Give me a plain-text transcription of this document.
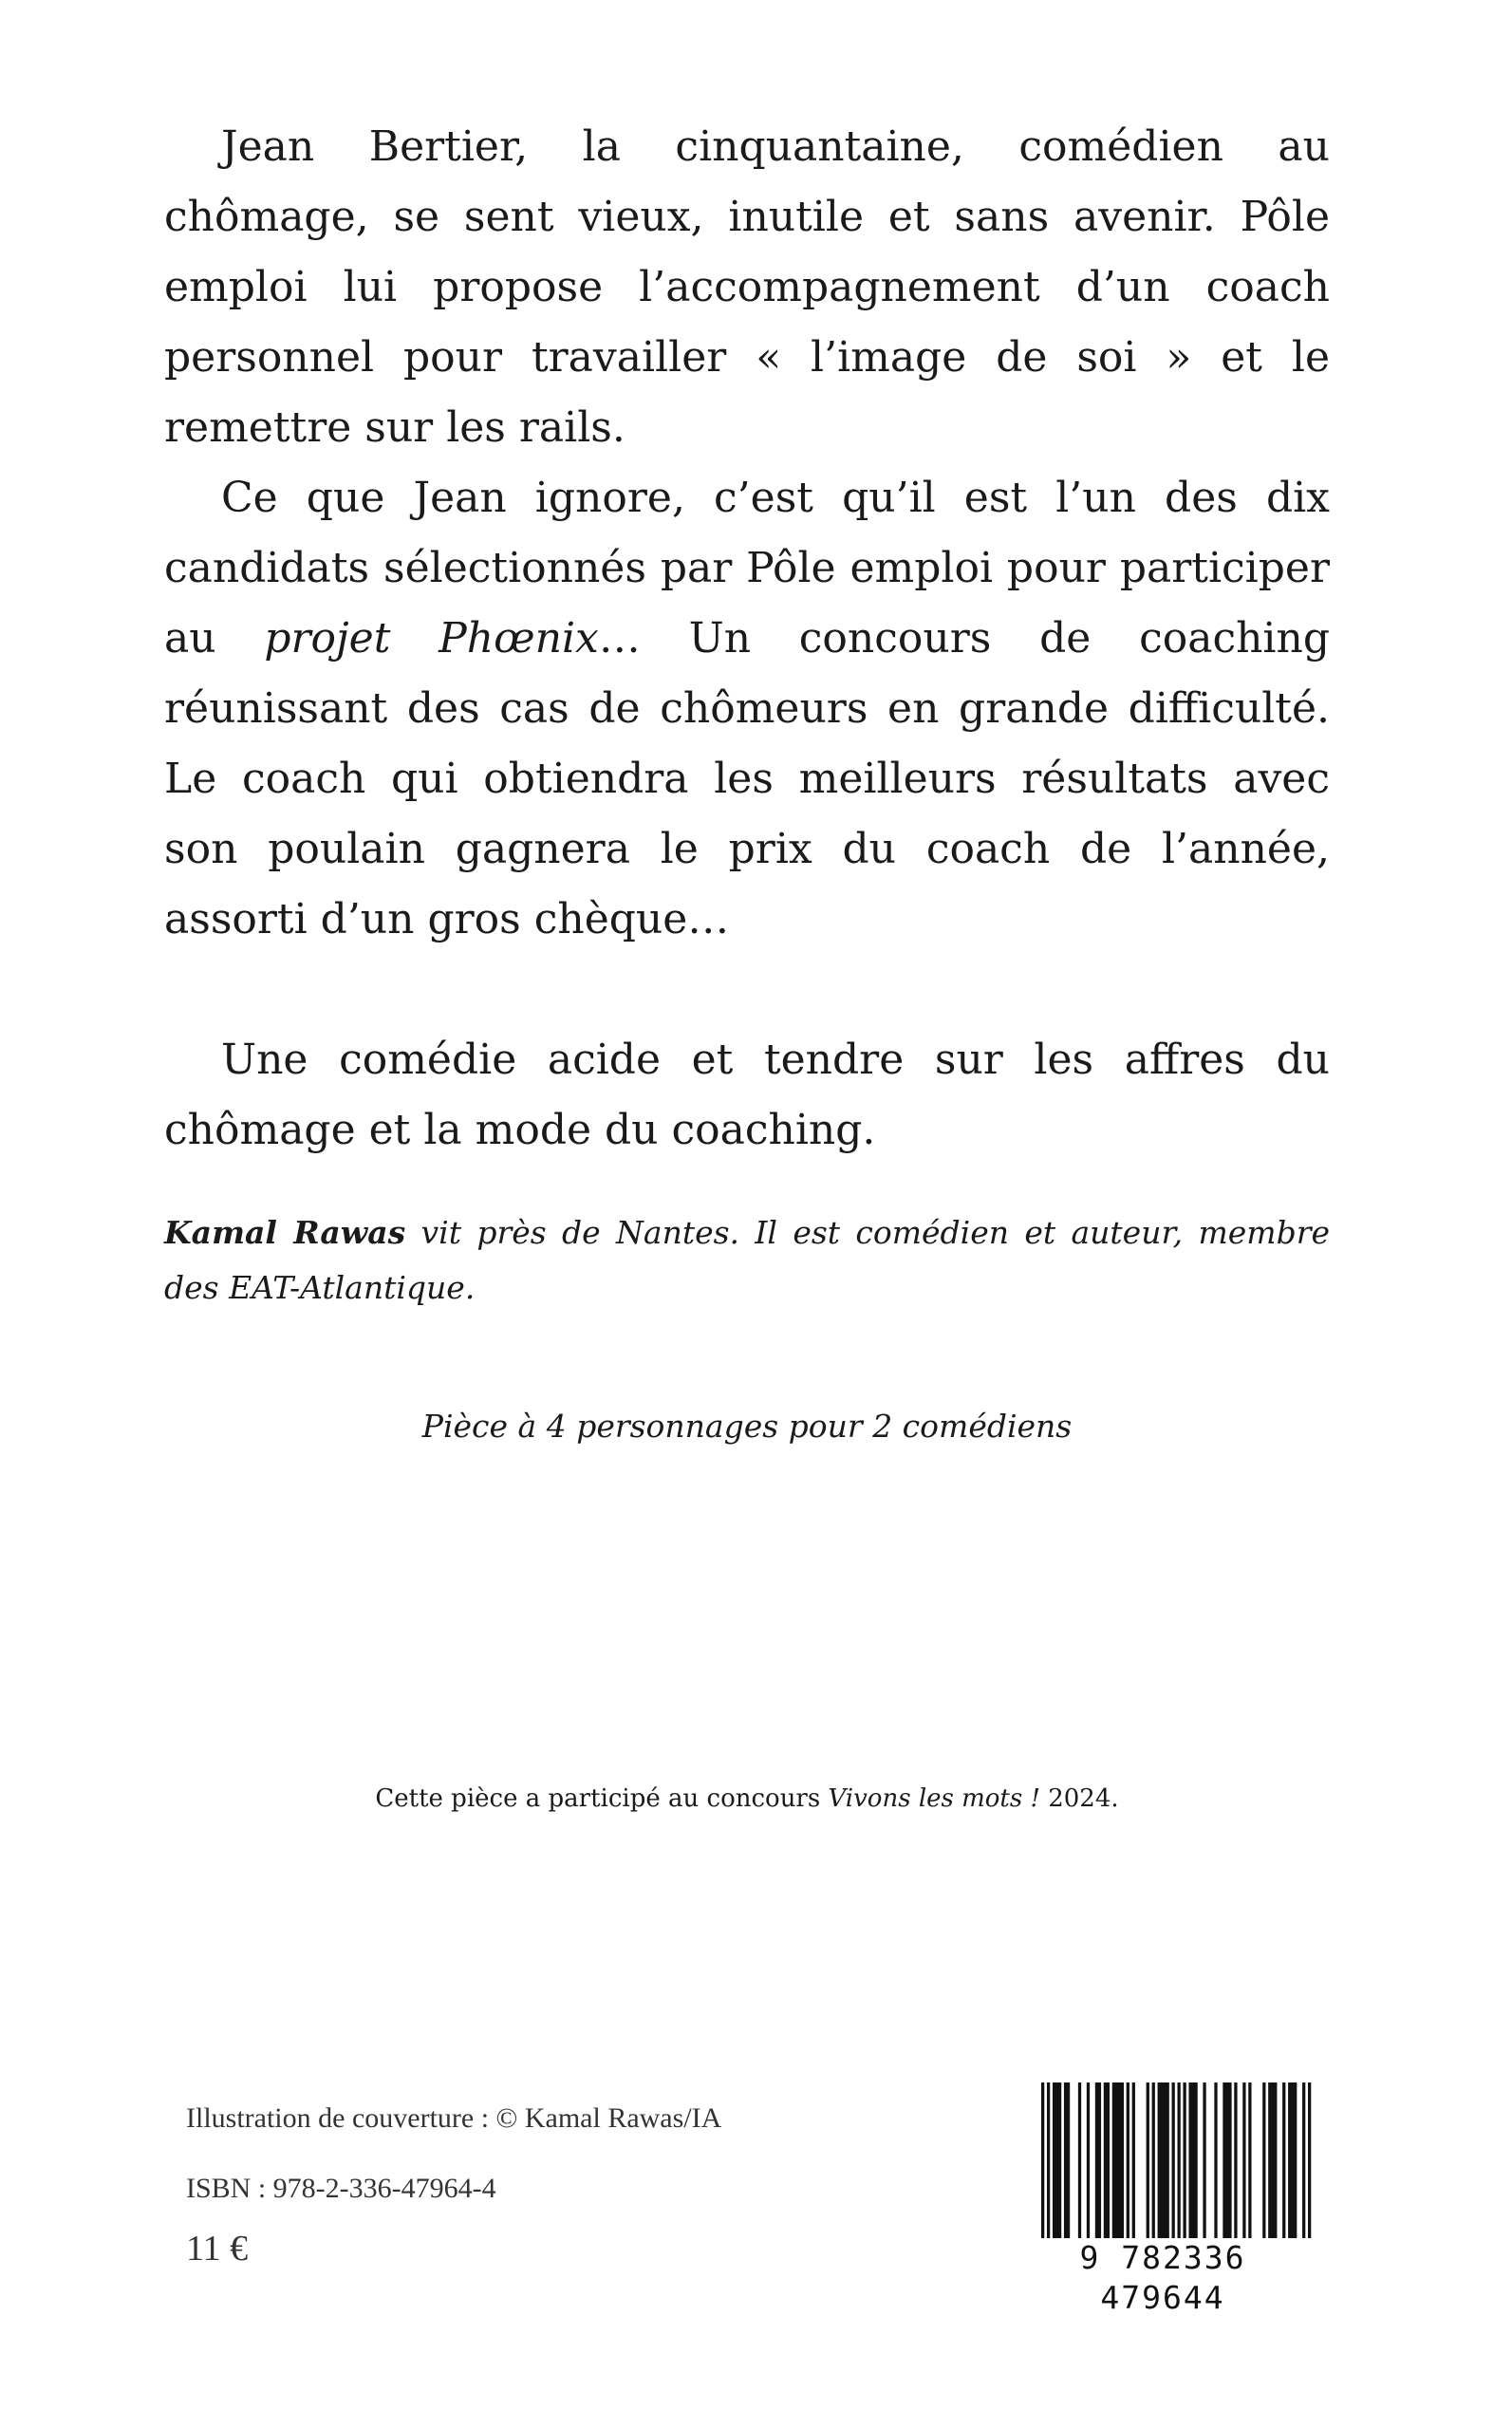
Jean Bertier, la cinquantaine, comédien au chômage, se sent vieux, inutile et sans avenir. Pôle emploi lui propose l’accompagnement d’un coach personnel pour travailler « l’image de soi » et le remettre sur les rails.

Ce que Jean ignore, c’est qu’il est l’un des dix candidats sélectionnés par Pôle emploi pour participer au projet Phœnix… Un concours de coaching réunissant des cas de chômeurs en grande difficulté. Le coach qui obtiendra les meilleurs résultats avec son poulain gagnera le prix du coach de l’année, assorti d’un gros chèque…

Une comédie acide et tendre sur les affres du chômage et la mode du coaching.

Kamal Rawas vit près de Nantes. Il est comédien et auteur, membre des EAT-Atlantique.
Pièce à 4 personnages pour 2 comédiens
Cette pièce a participé au concours Vivons les mots ! 2024.
Illustration de couverture : © Kamal Rawas/IA
ISBN : 978-2-336-47964-4
11 €	9 782336 479644
